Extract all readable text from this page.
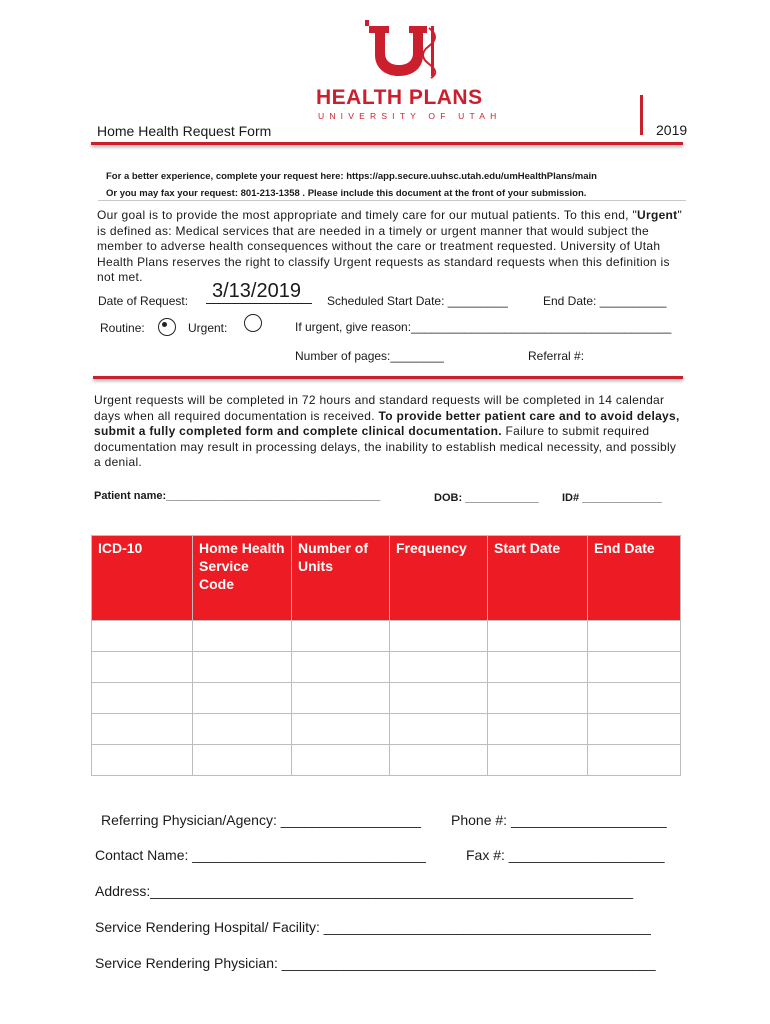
HEALTH PLANS
UNIVERSITY OF UTAH
Home Health Request Form	2019
For a better experience, complete your request here: https://app.secure.uuhsc.utah.edu/umHealthPlans/main
Or you may fax your request: 801-213-1358 . Please include this document at the front of your submission.
Our goal is to provide the most appropriate and timely care for our mutual patients. To this end, "Urgent" is defined as: Medical services that are needed in a timely or urgent manner that would subject the member to adverse health consequences without the care or treatment requested. University of Utah Health Plans reserves the right to classify Urgent requests as standard requests when this definition is not met.
Date of Request:	3/13/2019	Scheduled Start Date: _________	End Date: __________
Routine:	Urgent:	If urgent, give reason:_______________________________________
Number of pages:________	Referral #:
Urgent requests will be completed in 72 hours and standard requests will be completed in 14 calendar days when all required documentation is received. To provide better patient care and to avoid delays, submit a fully completed form and complete clinical documentation. Failure to submit required documentation may result in processing delays, the inability to establish medical necessity, and possibly a denial.
Patient name:___________________________________	DOB: ____________ ID# _____________
ICD-10	Home Health Service Code	Number of Units	Frequency	Start Date	End Date

Referring Physician/Agency: __________________ Phone #: ____________________
Contact Name: ______________________________	Fax #: ____________________
Address:______________________________________________________________
Service Rendering Hospital/ Facility: __________________________________________
Service Rendering Physician: ________________________________________________
